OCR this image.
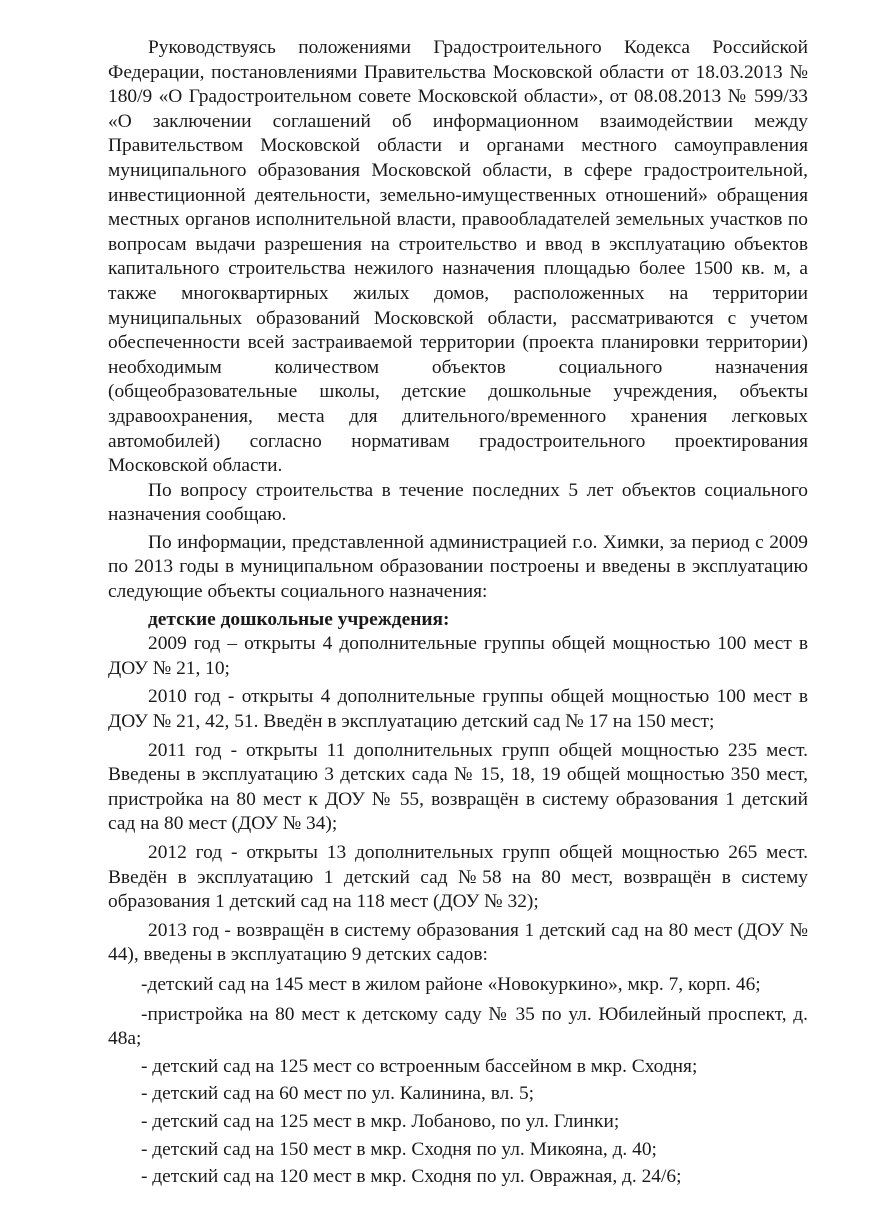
Руководствуясь положениями Градостроительного Кодекса Российской Федерации, постановлениями Правительства Московской области от 18.03.2013 № 180/9 «О Градостроительном совете Московской области», от 08.08.2013 № 599/33 «О заключении соглашений об информационном взаимодействии между Правительством Московской области и органами местного самоуправления муниципального образования Московской области, в сфере градостроительной, инвестиционной деятельности, земельно-имущественных отношений» обращения местных органов исполнительной власти, правообладателей земельных участков по вопросам выдачи разрешения на строительство и ввод в эксплуатацию объектов капитального строительства нежилого назначения площадью более 1500 кв. м, а также многоквартирных жилых домов, расположенных на территории муниципальных образований Московской области, рассматриваются с учетом обеспеченности всей застраиваемой территории (проекта планировки территории) необходимым количеством объектов социального назначения (общеобразовательные школы, детские дошкольные учреждения, объекты здравоохранения, места для длительного/временного хранения легковых автомобилей) согласно нормативам градостроительного проектирования Московской области.

По вопросу строительства в течение последних 5 лет объектов социального назначения сообщаю.

По информации, представленной администрацией г.о. Химки, за период с 2009 по 2013 годы в муниципальном образовании построены и введены в эксплуатацию следующие объекты социального назначения:

детские дошкольные учреждения:

2009 год – открыты 4 дополнительные группы общей мощностью 100 мест в ДОУ № 21, 10;

2010 год - открыты 4 дополнительные группы общей мощностью 100 мест в ДОУ № 21, 42, 51. Введён в эксплуатацию детский сад № 17 на 150 мест;

2011 год - открыты 11 дополнительных групп общей мощностью 235 мест. Введены в эксплуатацию 3 детских сада № 15, 18, 19 общей мощностью 350 мест, пристройка на 80 мест к ДОУ № 55, возвращён в систему образования 1 детский сад на 80 мест (ДОУ № 34);

2012 год - открыты 13 дополнительных групп общей мощностью 265 мест. Введён в эксплуатацию 1 детский сад №58 на 80 мест, возвращён в систему образования 1 детский сад на 118 мест (ДОУ № 32);

2013 год - возвращён в систему образования 1 детский сад на 80 мест (ДОУ № 44), введены в эксплуатацию 9 детских садов:

-детский сад на 145 мест в жилом районе «Новокуркино», мкр. 7, корп. 46;

-пристройка на 80 мест к детскому саду № 35 по ул. Юбилейный проспект, д. 48а;

- детский сад на 125 мест со встроенным бассейном в мкр. Сходня;

- детский сад на 60 мест по ул. Калинина, вл. 5;

- детский сад на 125 мест в мкр. Лобаново, по ул. Глинки;

- детский сад на 150 мест в мкр. Сходня по ул. Микояна, д. 40;

- детский сад на 120 мест в мкр. Сходня по ул. Овражная, д. 24/6;
